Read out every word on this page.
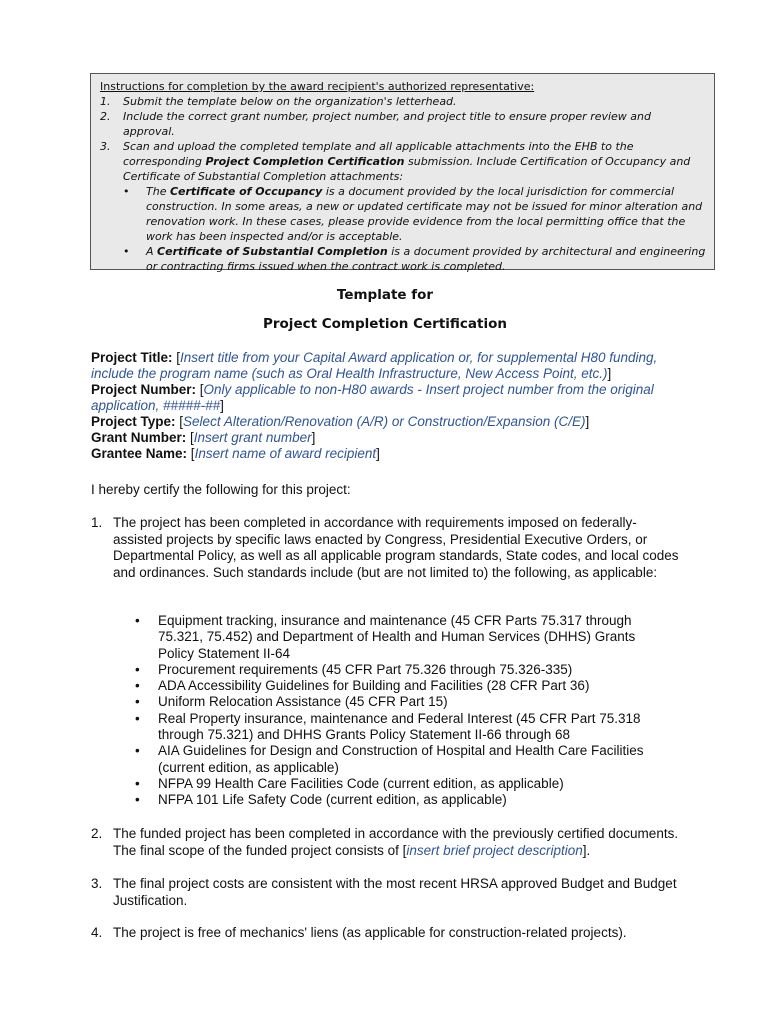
Instructions for completion by the award recipient's authorized representative:
1. Submit the template below on the organization's letterhead.
2. Include the correct grant number, project number, and project title to ensure proper review and approval.
3. Scan and upload the completed template and all applicable attachments into the EHB to the corresponding Project Completion Certification submission. Include Certification of Occupancy and Certificate of Substantial Completion attachments:
• The Certificate of Occupancy is a document provided by the local jurisdiction for commercial construction. In some areas, a new or updated certificate may not be issued for minor alteration and renovation work. In these cases, please provide evidence from the local permitting office that the work has been inspected and/or is acceptable.
• A Certificate of Substantial Completion is a document provided by architectural and engineering or contracting firms issued when the contract work is completed.
Template for
Project Completion Certification
Project Title: [Insert title from your Capital Award application or, for supplemental H80 funding, include the program name (such as Oral Health Infrastructure, New Access Point, etc.)]
Project Number: [Only applicable to non-H80 awards - Insert project number from the original application, #####-##]
Project Type: [Select Alteration/Renovation (A/R) or Construction/Expansion (C/E)]
Grant Number: [Insert grant number]
Grantee Name: [Insert name of award recipient]
I hereby certify the following for this project:
1. The project has been completed in accordance with requirements imposed on federally-assisted projects by specific laws enacted by Congress, Presidential Executive Orders, or Departmental Policy, as well as all applicable program standards, State codes, and local codes and ordinances. Such standards include (but are not limited to) the following, as applicable:
• Equipment tracking, insurance and maintenance (45 CFR Parts 75.317 through 75.321, 75.452) and Department of Health and Human Services (DHHS) Grants Policy Statement II-64
• Procurement requirements (45 CFR Part 75.326 through 75.326-335)
• ADA Accessibility Guidelines for Building and Facilities (28 CFR Part 36)
• Uniform Relocation Assistance (45 CFR Part 15)
• Real Property insurance, maintenance and Federal Interest (45 CFR Part 75.318 through 75.321) and DHHS Grants Policy Statement II-66 through 68
• AIA Guidelines for Design and Construction of Hospital and Health Care Facilities (current edition, as applicable)
• NFPA 99 Health Care Facilities Code (current edition, as applicable)
• NFPA 101 Life Safety Code (current edition, as applicable)
2. The funded project has been completed in accordance with the previously certified documents. The final scope of the funded project consists of [insert brief project description].
3. The final project costs are consistent with the most recent HRSA approved Budget and Budget Justification.
4. The project is free of mechanics' liens (as applicable for construction-related projects).
